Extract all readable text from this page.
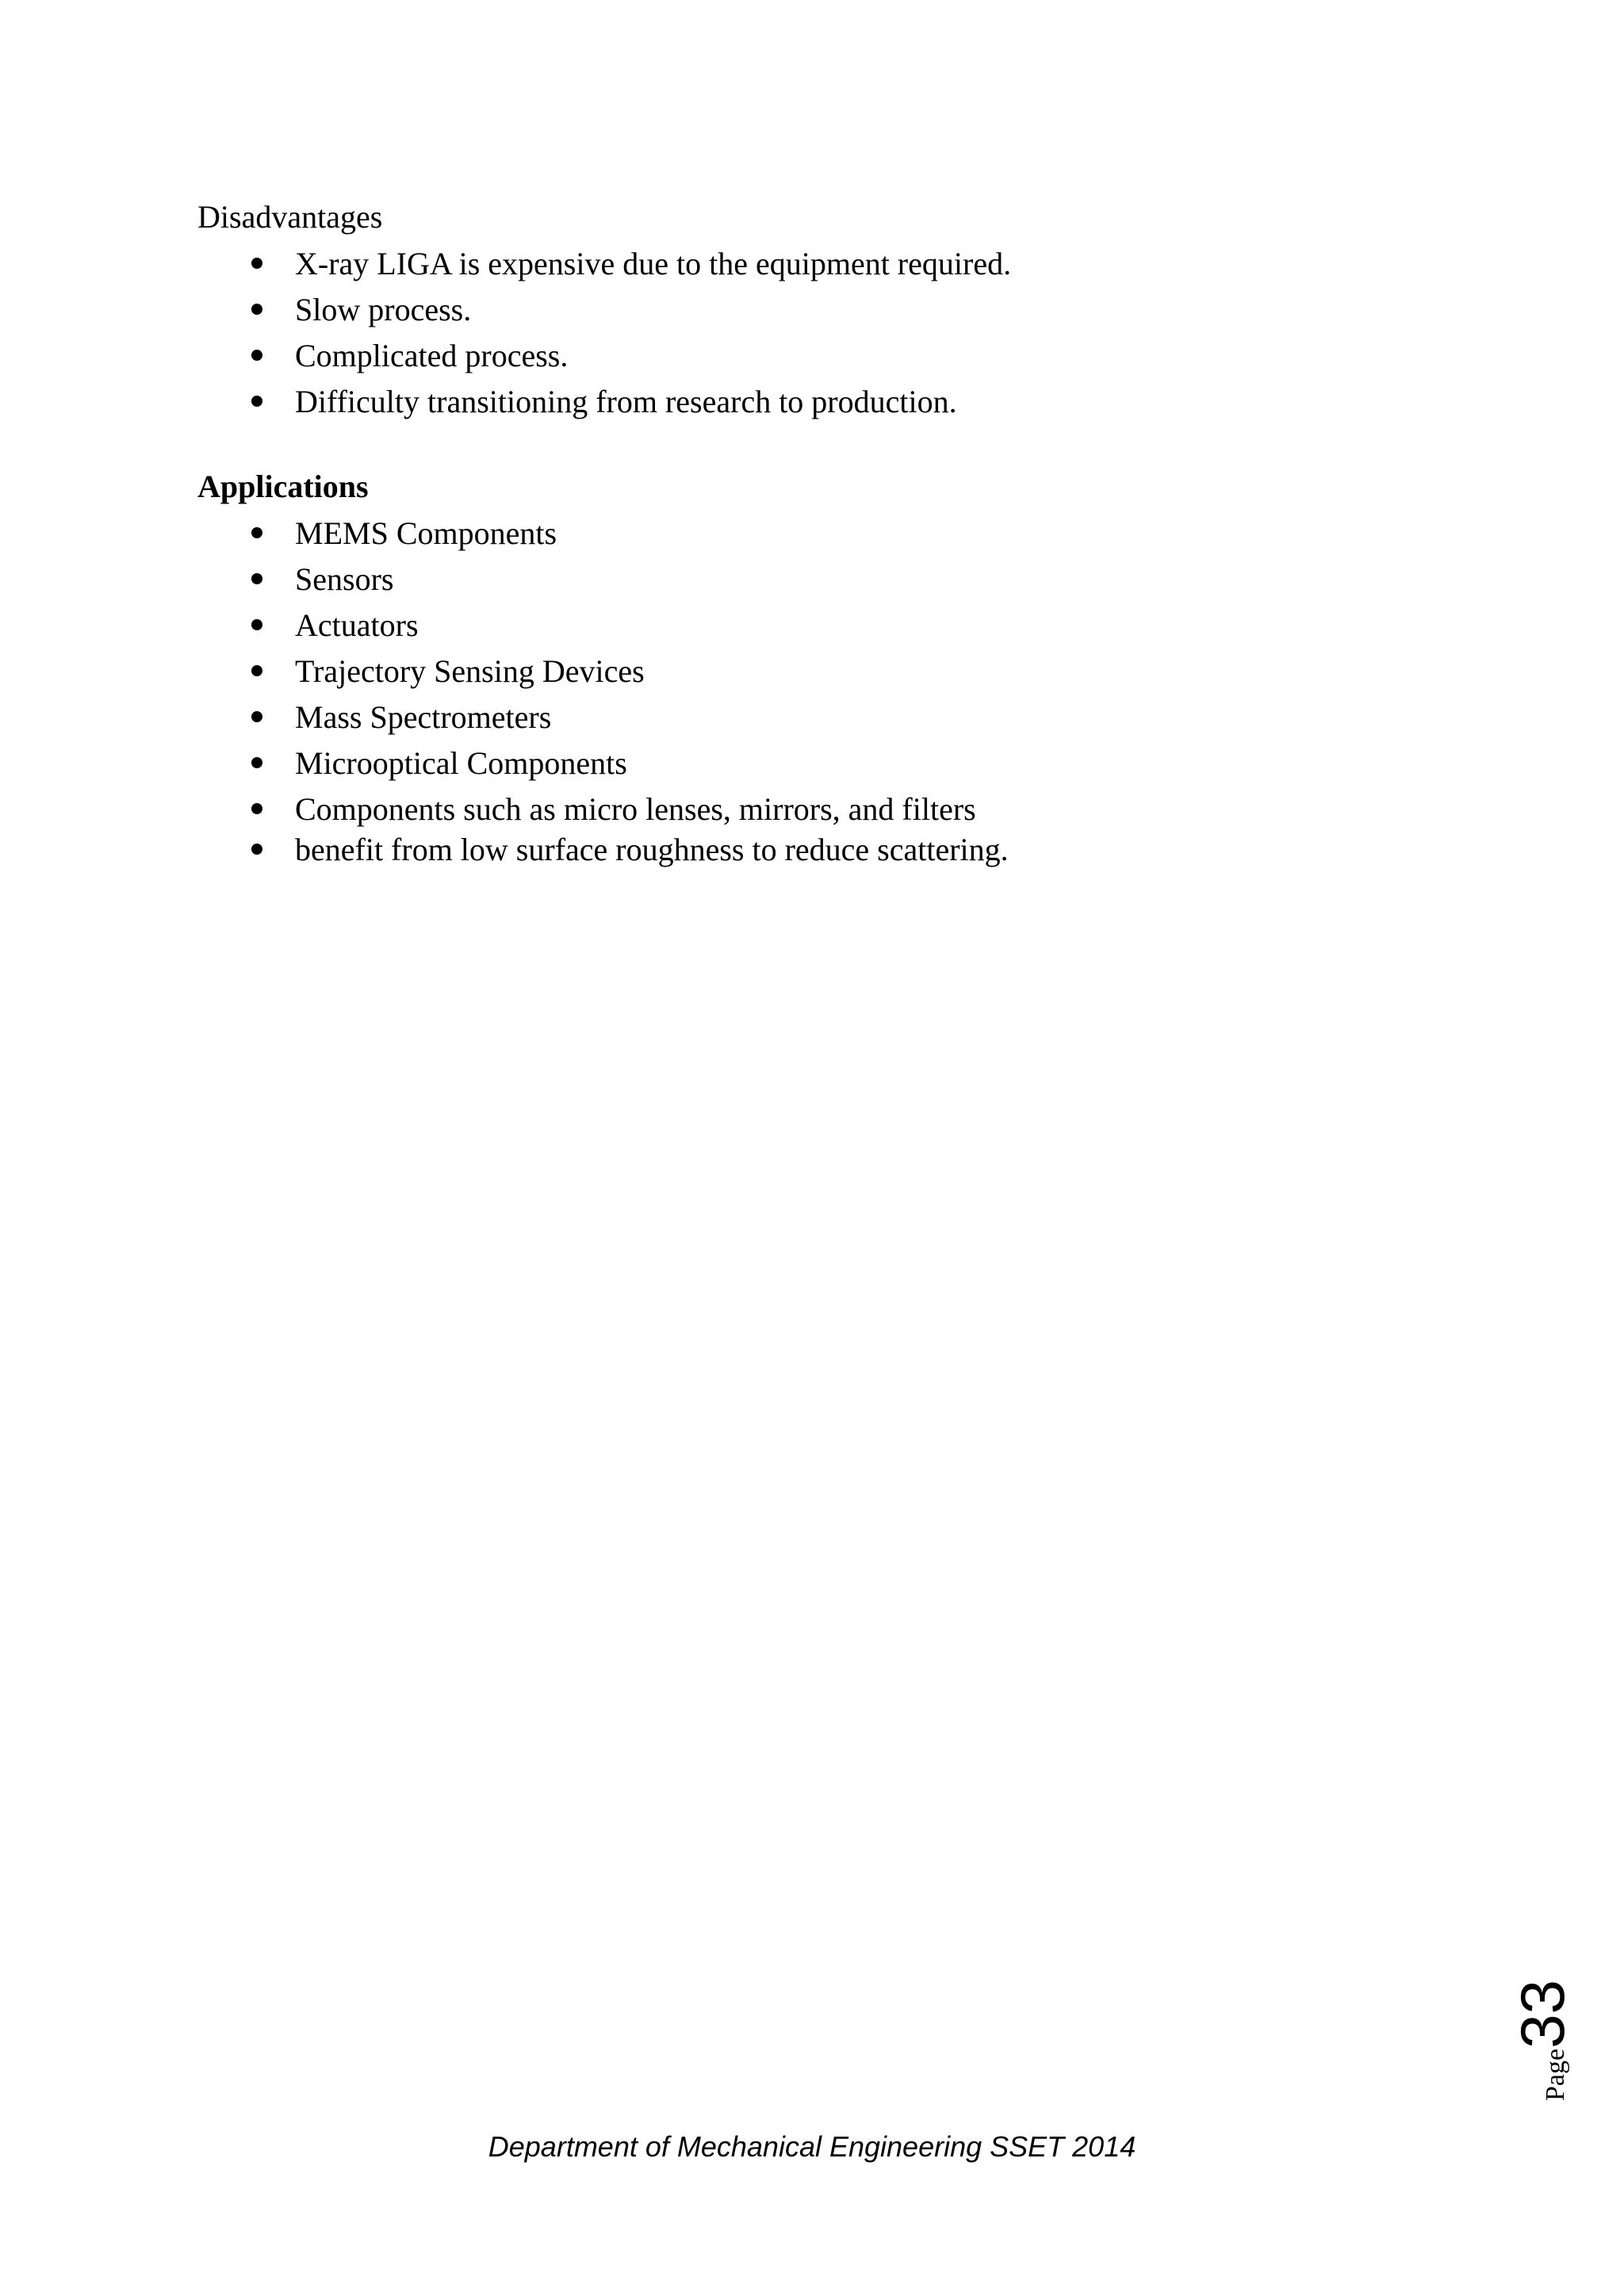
Disadvantages
X-ray LIGA is expensive due to the equipment required.
Slow process.
Complicated process.
Difficulty transitioning from research to production.
Applications
MEMS Components
Sensors
Actuators
Trajectory Sensing Devices
Mass Spectrometers
Microoptical Components
Components such as micro lenses, mirrors, and filters
benefit from low surface roughness to reduce scattering.
Page33
Department of Mechanical Engineering SSET 2014
